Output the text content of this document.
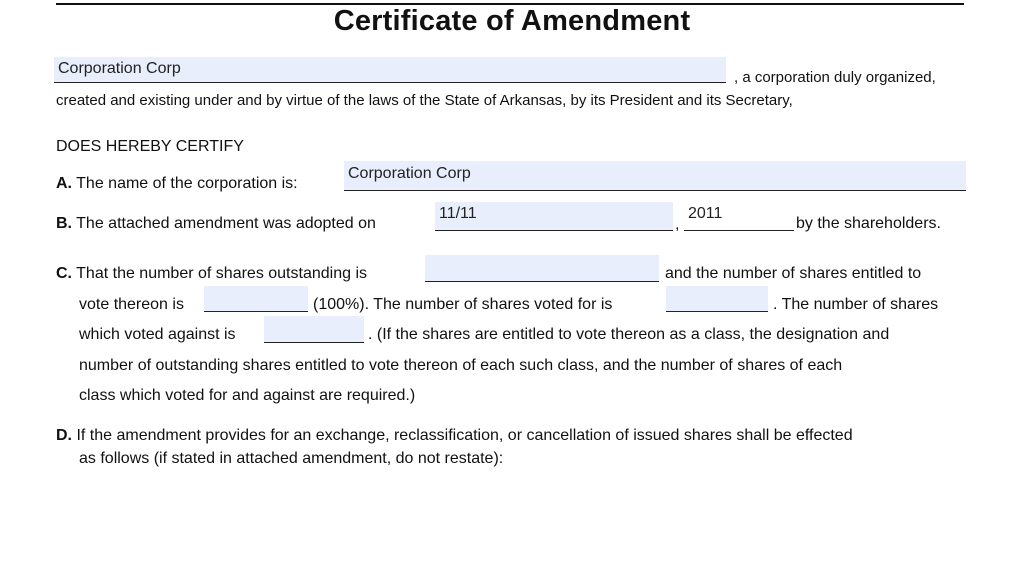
Certificate of Amendment
Corporation Corp
, a corporation duly organized,
created and existing under and by virtue of the laws of the State of Arkansas, by its President and its Secretary,
DOES HEREBY CERTIFY
A. The name of the corporation is:
Corporation Corp
B. The attached amendment was adopted on
11/11
,
2011
by the shareholders.
C. That the number of shares outstanding is	and the number of shares entitled to
vote thereon is	(100%). The number of shares voted for is	. The number of shares
which voted against is	. (If the shares are entitled to vote thereon as a class, the designation and
number of outstanding shares entitled to vote thereon of each such class, and the number of shares of each
class which voted for and against are required.)
D. If the amendment provides for an exchange, reclassification, or cancellation of issued shares shall be effected
as follows (if stated in attached amendment, do not restate):
